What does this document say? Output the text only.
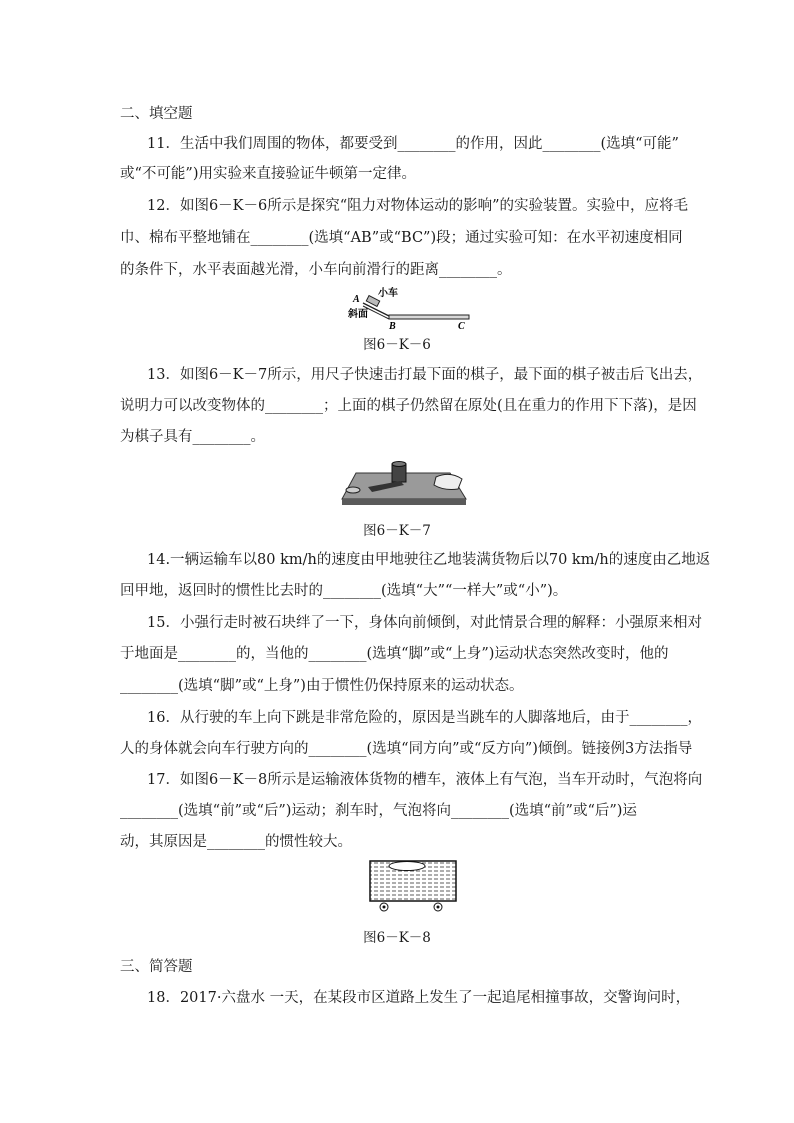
二、填空题
11．生活中我们周围的物体，都要受到________的作用，因此________(选填“可能”
或“不可能”)用实验来直接验证牛顿第一定律。
12．如图6－K－6所示是探究“阻力对物体运动的影响”的实验装置。实验中，应将毛
巾、棉布平整地铺在________(选填“AB”或“BC”)段；通过实验可知：在水平初速度相同
的条件下，水平表面越光滑，小车向前滑行的距离________。
A
小车
斜面
B	C
图6－K－6
13．如图6－K－7所示，用尺子快速击打最下面的棋子，最下面的棋子被击后飞出去，
说明力可以改变物体的________；上面的棋子仍然留在原处(且在重力的作用下下落)，是因
为棋子具有________。
图6－K－7
14.一辆运输车以80 km/h的速度由甲地驶往乙地装满货物后以70 km/h的速度由乙地返
回甲地，返回时的惯性比去时的________(选填“大”“一样大”或“小”)。
15．小强行走时被石块绊了一下，身体向前倾倒，对此情景合理的解释：小强原来相对
于地面是________的，当他的________(选填“脚”或“上身”)运动状态突然改变时，他的
________(选填“脚”或“上身”)由于惯性仍保持原来的运动状态。
16．从行驶的车上向下跳是非常危险的，原因是当跳车的人脚落地后，由于________，
人的身体就会向车行驶方向的________(选填“同方向”或“反方向”)倾倒。链接例3方法指导
17．如图6－K－8所示是运输液体货物的槽车，液体上有气泡，当车开动时，气泡将向
________(选填“前”或“后”)运动；刹车时，气泡将向________(选填“前”或“后”)运
动，其原因是________的惯性较大。
图6－K－8
三、简答题
18．2017·六盘水 一天，在某段市区道路上发生了一起追尾相撞事故，交警询问时，
